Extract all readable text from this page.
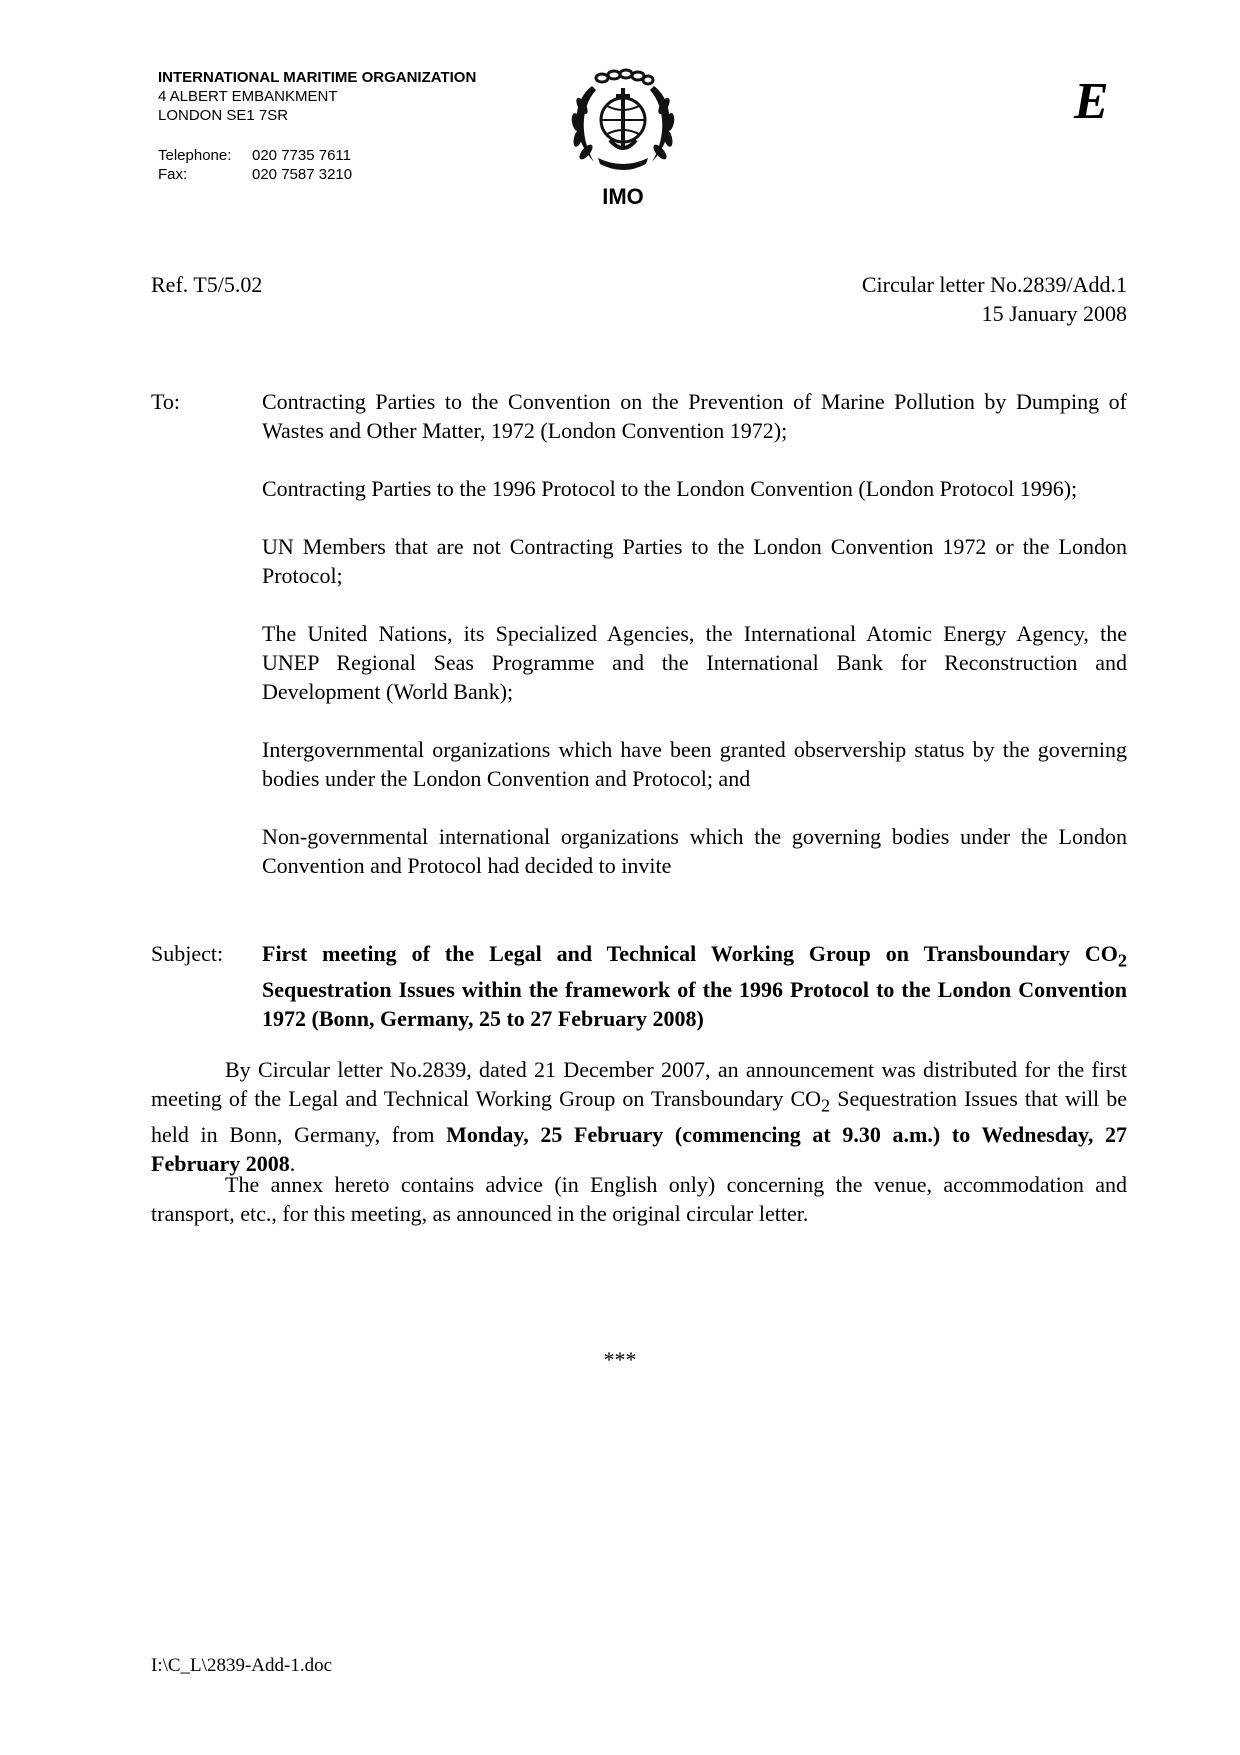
INTERNATIONAL MARITIME ORGANIZATION
4 ALBERT EMBANKMENT
LONDON SE1 7SR
Telephone:	020 7735 7611
Fax:	020 7587 3210
IMO
E
Ref. T5/5.02	Circular letter No.2839/Add.1
15 January 2008
To:	Contracting Parties to the Convention on the Prevention of Marine Pollution by Dumping of Wastes and Other Matter, 1972 (London Convention 1972);

Contracting Parties to the 1996 Protocol to the London Convention (London Protocol 1996);

UN Members that are not Contracting Parties to the London Convention 1972 or the London Protocol;

The United Nations, its Specialized Agencies, the International Atomic Energy Agency, the UNEP Regional Seas Programme and the International Bank for Reconstruction and Development (World Bank);

Intergovernmental organizations which have been granted observership status by the governing bodies under the London Convention and Protocol; and

Non-governmental international organizations which the governing bodies under the London Convention and Protocol had decided to invite

Subject: First meeting of the Legal and Technical Working Group on Transboundary $CO_2$ Sequestration Issues within the framework of the 1996 Protocol to the London Convention 1972 (Bonn, Germany, 25 to 27 February 2008)
By Circular letter No.2839, dated 21 December 2007, an announcement was distributed for the first meeting of the Legal and Technical Working Group on Transboundary $CO_2$ Sequestration Issues that will be held in Bonn, Germany, from Monday, 25 February (commencing at 9.30 a.m.) to Wednesday, 27 February 2008.
The annex hereto contains advice (in English only) concerning the venue, accommodation and transport, etc., for this meeting, as announced in the original circular letter.
***
I:\C_L\2839-Add-1.doc
